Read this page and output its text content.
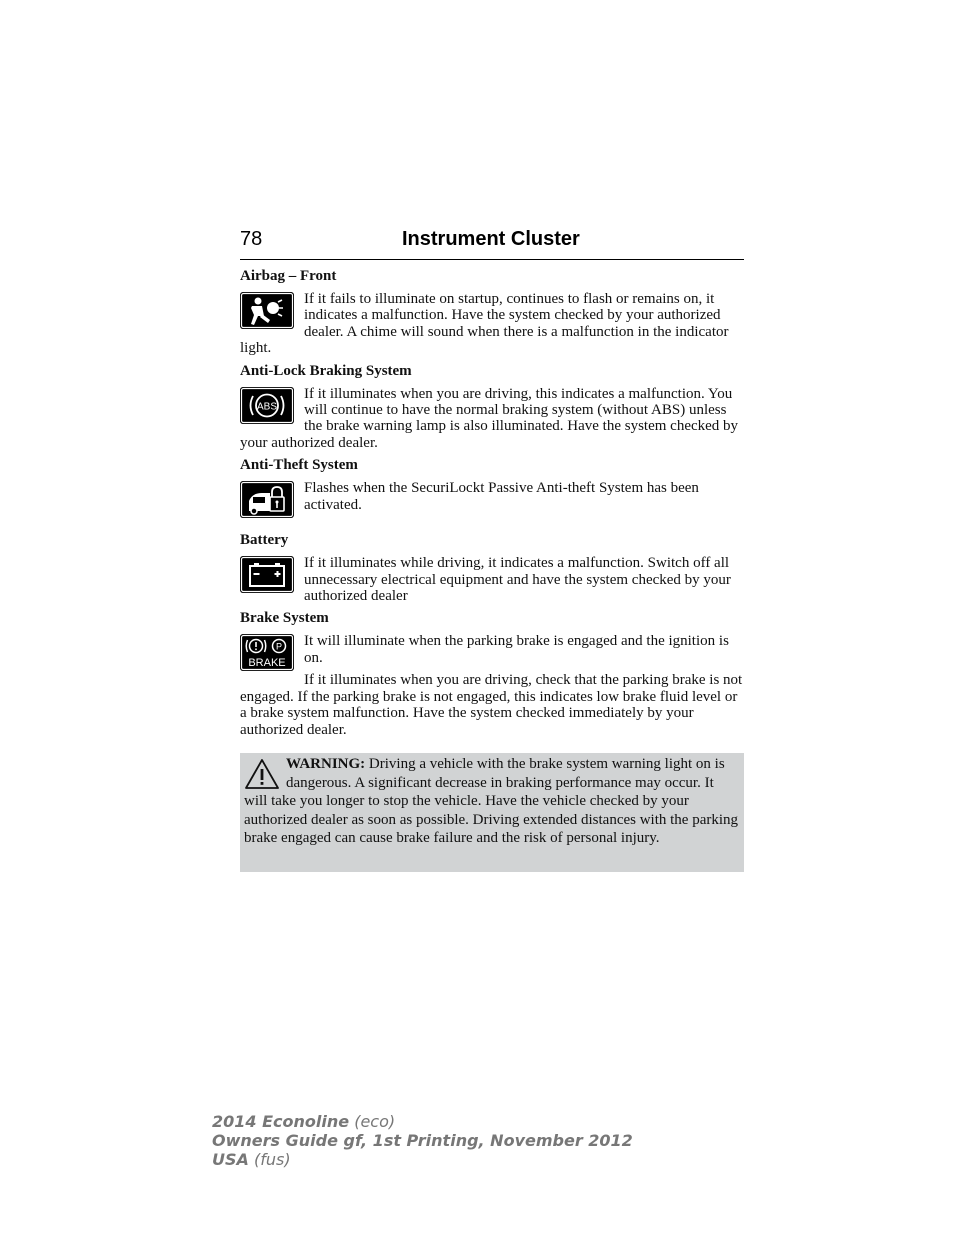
78	Instrument Cluster
Airbag – Front

If it fails to illuminate on startup, continues to flash or remains on, it indicates a malfunction. Have the system checked by your authorized dealer. A chime will sound when there is a malfunction in the indicator light.

Anti-Lock Braking System
ABS

If it illuminates when you are driving, this indicates a malfunction. You will continue to have the normal braking system (without ABS) unless the brake warning lamp is also illuminated. Have the system checked by your authorized dealer.

Anti-Theft System

Flashes when the SecuriLockt Passive Anti-theft System has been activated.

Battery

If it illuminates while driving, it indicates a malfunction. Switch off all unnecessary electrical equipment and have the system checked by your authorized dealer

Brake System
P
BRAKE

It will illuminate when the parking brake is engaged and the ignition is on.

If it illuminates when you are driving, check that the parking brake is not engaged. If the parking brake is not engaged, this indicates low brake fluid level or a brake system malfunction. Have the system checked immediately by your authorized dealer.

WARNING: Driving a vehicle with the brake system warning light on is dangerous. A significant decrease in braking performance may occur. It will take you longer to stop the vehicle. Have the vehicle checked by your authorized dealer as soon as possible. Driving extended distances with the parking brake engaged can cause brake failure and the risk of personal injury.
2014 Econoline (eco)
Owners Guide gf, 1st Printing, November 2012
USA (fus)
